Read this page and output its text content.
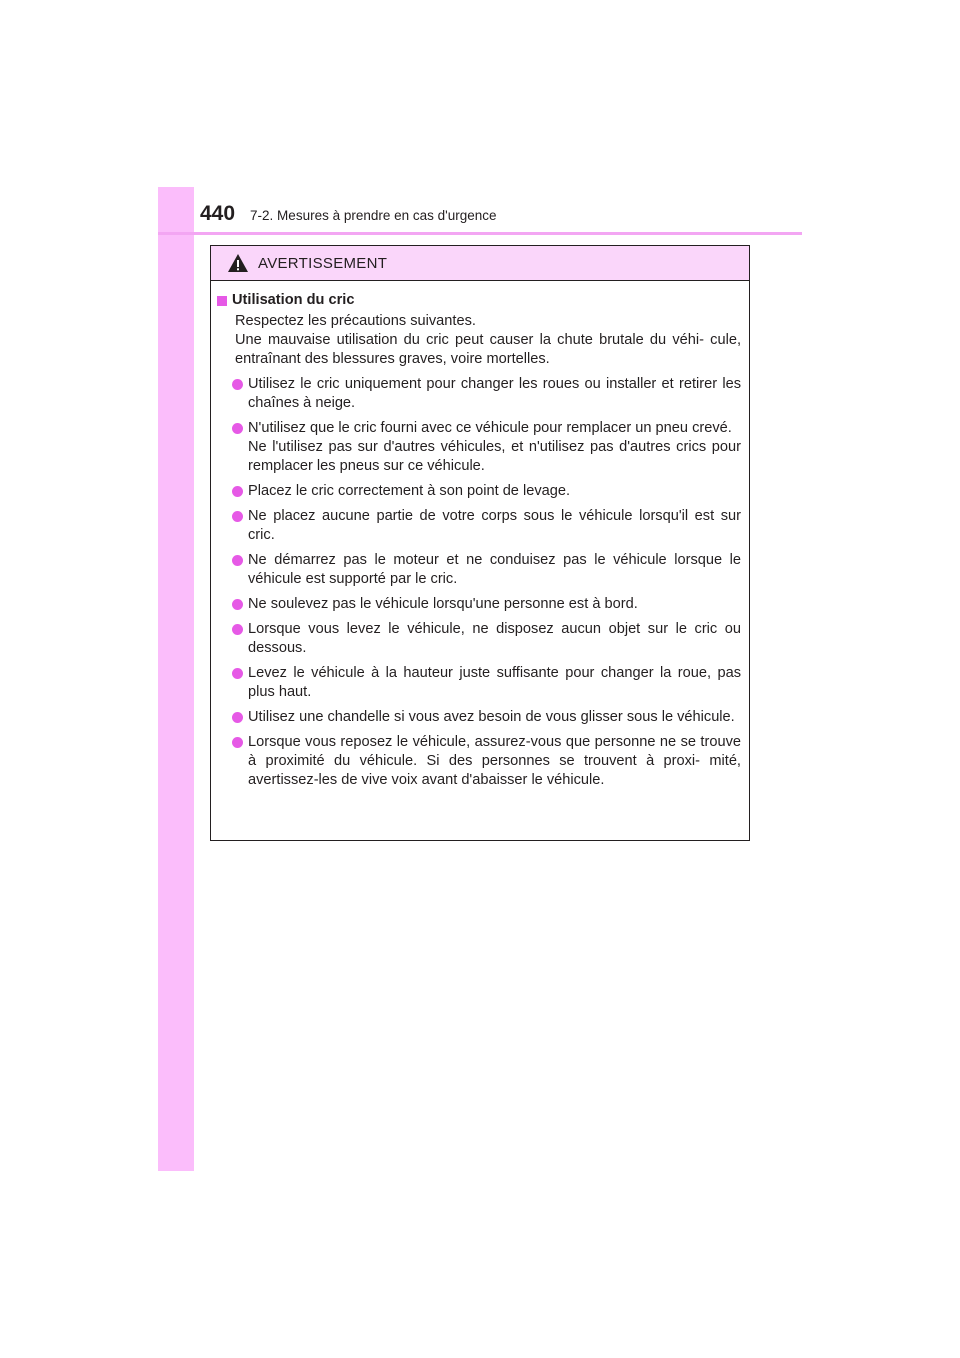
440 7-2. Mesures à prendre en cas d'urgence
AVERTISSEMENT
Utilisation du cric

Respectez les précautions suivantes.

Une mauvaise utilisation du cric peut causer la chute brutale du véhi- cule, entraînant des blessures graves, voire mortelles.

Utilisez le cric uniquement pour changer les roues ou installer et retirer les chaînes à neige.

N'utilisez que le cric fourni avec ce véhicule pour remplacer un pneu crevé.

Ne l'utilisez pas sur d'autres véhicules, et n'utilisez pas d'autres crics pour remplacer les pneus sur ce véhicule.

Placez le cric correctement à son point de levage.

Ne placez aucune partie de votre corps sous le véhicule lorsqu'il est sur cric.

Ne démarrez pas le moteur et ne conduisez pas le véhicule lorsque le véhicule est supporté par le cric.

Ne soulevez pas le véhicule lorsqu'une personne est à bord.

Lorsque vous levez le véhicule, ne disposez aucun objet sur le cric ou dessous.

Levez le véhicule à la hauteur juste suffisante pour changer la roue, pas plus haut.

Utilisez une chandelle si vous avez besoin de vous glisser sous le véhicule.

Lorsque vous reposez le véhicule, assurez-vous que personne ne se trouve à proximité du véhicule. Si des personnes se trouvent à proxi- mité, avertissez-les de vive voix avant d'abaisser le véhicule.
